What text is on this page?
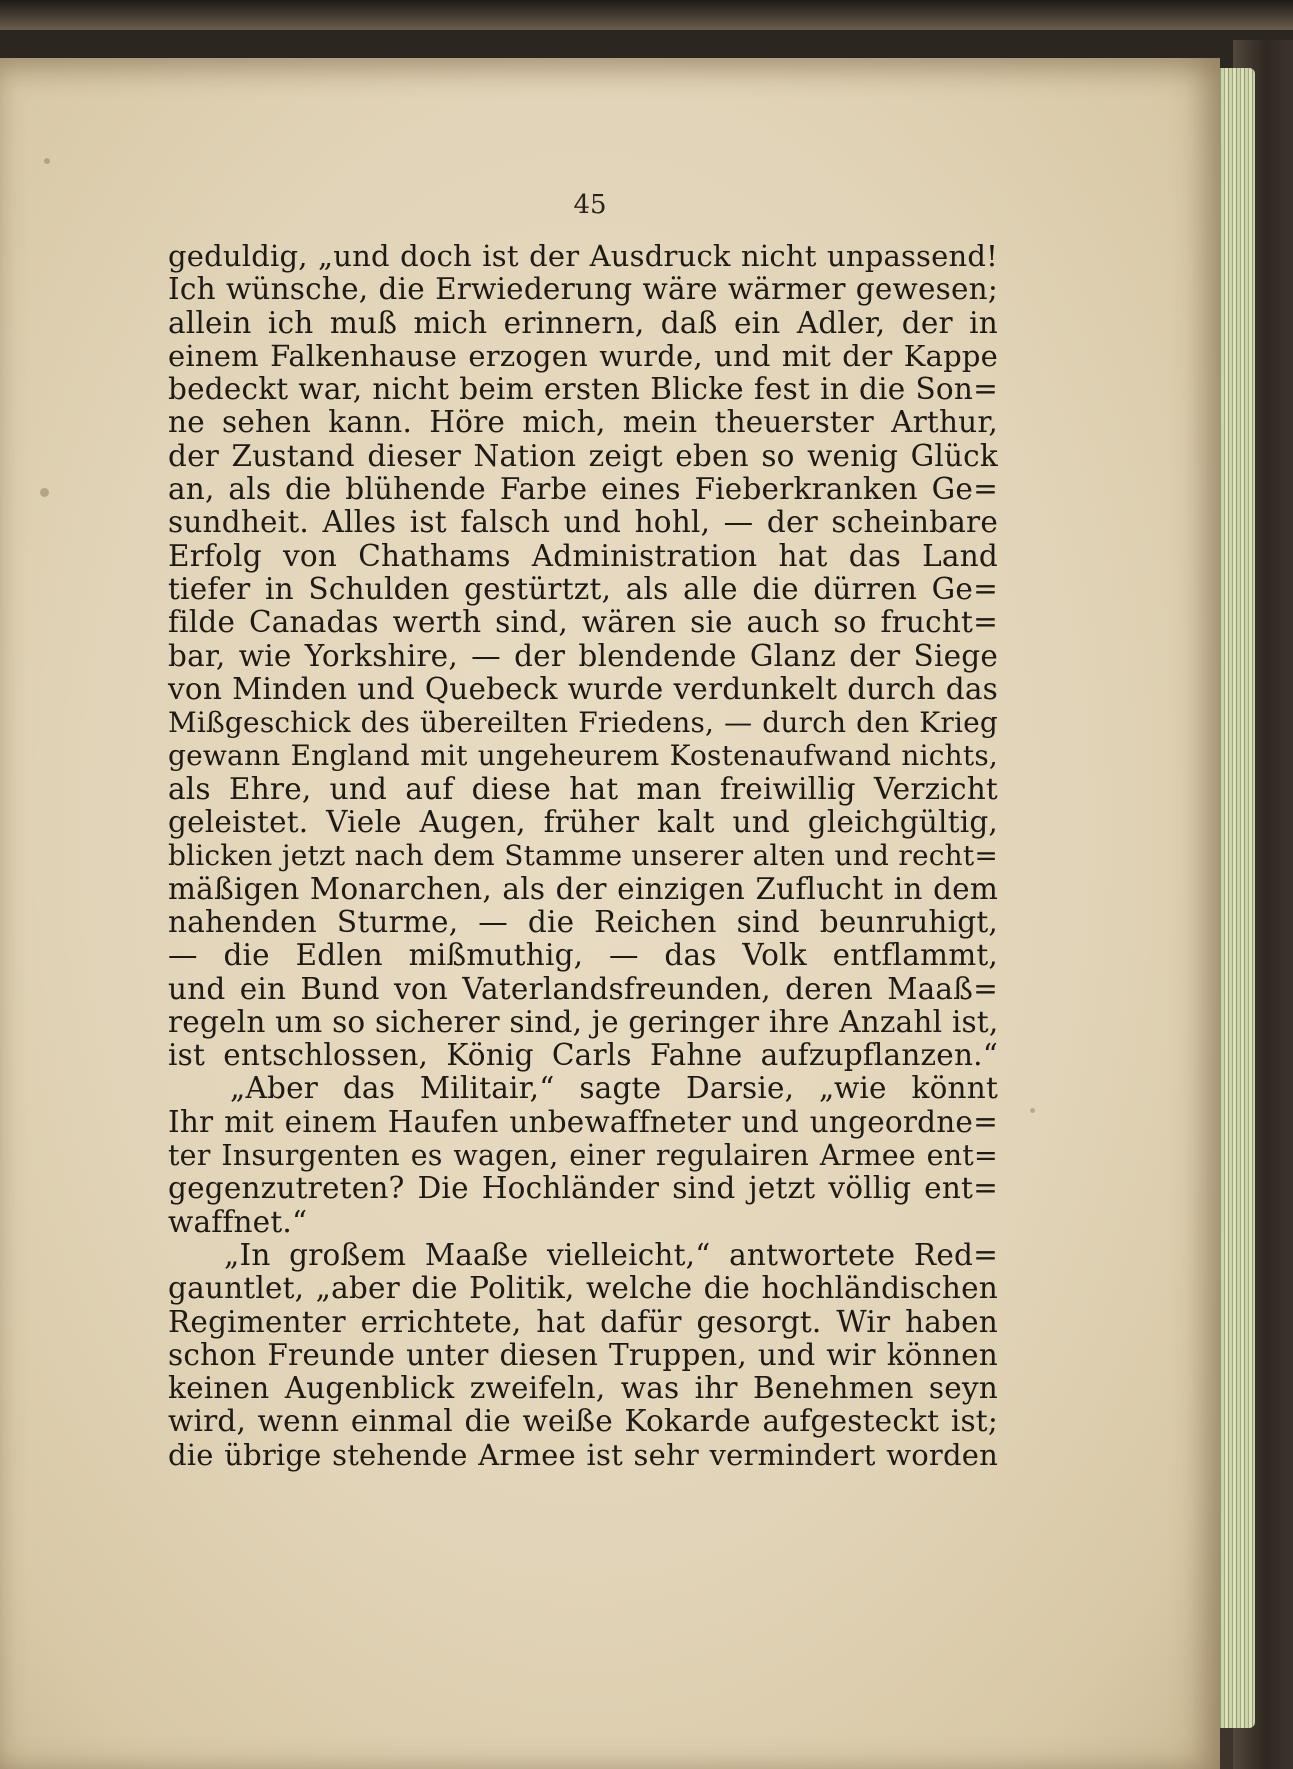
45
geduldig, „und doch ist der Ausdruck nicht unpassend!
Ich wünsche, die Erwiederung wäre wärmer gewesen;
allein ich muß mich erinnern, daß ein Adler, der in
einem Falkenhause erzogen wurde, und mit der Kappe
bedeckt war, nicht beim ersten Blicke fest in die Son=
ne sehen kann. Höre mich, mein theuerster Arthur,
der Zustand dieser Nation zeigt eben so wenig Glück
an, als die blühende Farbe eines Fieberkranken Ge=
sundheit. Alles ist falsch und hohl, — der scheinbare
Erfolg von Chathams Administration hat das Land
tiefer in Schulden gestürtzt, als alle die dürren Ge=
filde Canadas werth sind, wären sie auch so frucht=
bar, wie Yorkshire, — der blendende Glanz der Siege
von Minden und Quebeck wurde verdunkelt durch das
Mißgeschick des übereilten Friedens, — durch den Krieg
gewann England mit ungeheurem Kostenaufwand nichts,
als Ehre, und auf diese hat man freiwillig Verzicht
geleistet. Viele Augen, früher kalt und gleichgültig,
blicken jetzt nach dem Stamme unserer alten und recht=
mäßigen Monarchen, als der einzigen Zuflucht in dem
nahenden Sturme, — die Reichen sind beunruhigt,
— die Edlen mißmuthig, — das Volk entflammt,
und ein Bund von Vaterlandsfreunden, deren Maaß=
regeln um so sicherer sind, je geringer ihre Anzahl ist,
ist entschlossen, König Carls Fahne aufzupflanzen.“
„Aber das Militair,“ sagte Darsie, „wie könnt
Ihr mit einem Haufen unbewaffneter und ungeordne=
ter Insurgenten es wagen, einer regulairen Armee ent=
gegenzutreten? Die Hochländer sind jetzt völlig ent=
waffnet.“
„In großem Maaße vielleicht,“ antwortete Red=
gauntlet, „aber die Politik, welche die hochländischen
Regimenter errichtete, hat dafür gesorgt. Wir haben
schon Freunde unter diesen Truppen, und wir können
keinen Augenblick zweifeln, was ihr Benehmen seyn
wird, wenn einmal die weiße Kokarde aufgesteckt ist;
die übrige stehende Armee ist sehr vermindert worden
